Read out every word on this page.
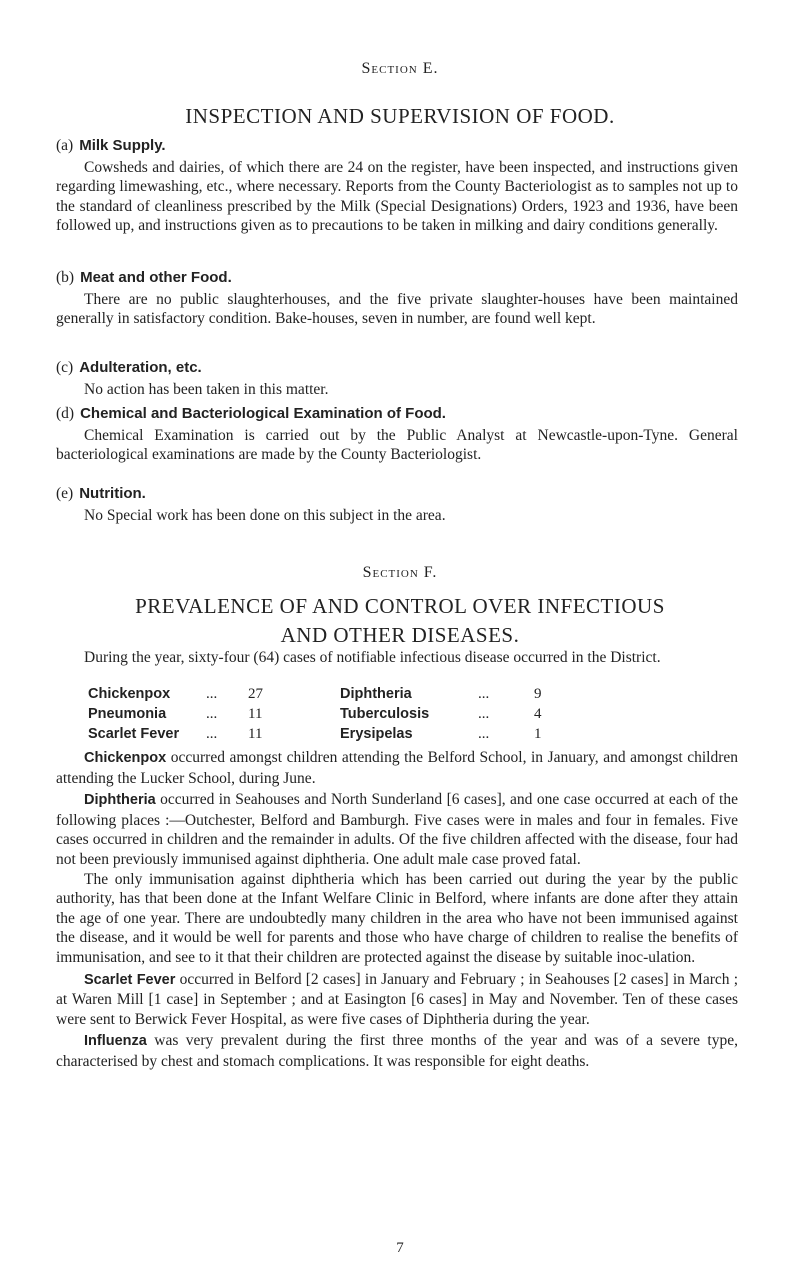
Section E.
INSPECTION AND SUPERVISION OF FOOD.
(a) Milk Supply.

Cowsheds and dairies, of which there are 24 on the register, have been inspected, and instructions given regarding limewashing, etc., where necessary. Reports from the County Bacteriologist as to samples not up to the standard of cleanliness prescribed by the Milk (Special Designations) Orders, 1923 and 1936, have been followed up, and instructions given as to precautions to be taken in milking and dairy conditions generally.

(b) Meat and other Food.

There are no public slaughterhouses, and the five private slaughter-houses have been maintained generally in satisfactory condition. Bake-houses, seven in number, are found well kept.

(c) Adulteration, etc.

No action has been taken in this matter.

(d) Chemical and Bacteriological Examination of Food.

Chemical Examination is carried out by the Public Analyst at Newcastle-upon-Tyne. General bacteriological examinations are made by the County Bacteriologist.

(e) Nutrition.

No Special work has been done on this subject in the area.

Section F.
PREVALENCE OF AND CONTROL OVER INFECTIOUS
AND OTHER DISEASES.

During the year, sixty-four (64) cases of notifiable infectious disease occurred in the District.

Chickenpox ... 27	Diphtheria	...	9
Pneumonia	... 11	Tuberculosis	...	4
Scarlet Fever ... 11	Erysipelas	...	1

Chickenpox occurred amongst children attending the Belford School, in January, and amongst children attending the Lucker School, during June.

Diphtheria occurred in Seahouses and North Sunderland [6 cases], and one case occurred at each of the following places :—Outchester, Belford and Bamburgh. Five cases were in males and four in females. Five cases occurred in children and the remainder in adults. Of the five children affected with the disease, four had not been previously immunised against diphtheria. One adult male case proved fatal.

The only immunisation against diphtheria which has been carried out during the year by the public authority, has that been done at the Infant Welfare Clinic in Belford, where infants are done after they attain the age of one year. There are undoubtedly many children in the area who have not been immunised against the disease, and it would be well for parents and those who have charge of children to realise the benefits of immunisation, and see to it that their children are protected against the disease by suitable inoc-ulation.

Scarlet Fever occurred in Belford [2 cases] in January and February ; in Seahouses [2 cases] in March ; at Waren Mill [1 case] in September ; and at Easington [6 cases] in May and November. Ten of these cases were sent to Berwick Fever Hospital, as were five cases of Diphtheria during the year.

Influenza was very prevalent during the first three months of the year and was of a severe type, characterised by chest and stomach complications. It was responsible for eight deaths.

7
